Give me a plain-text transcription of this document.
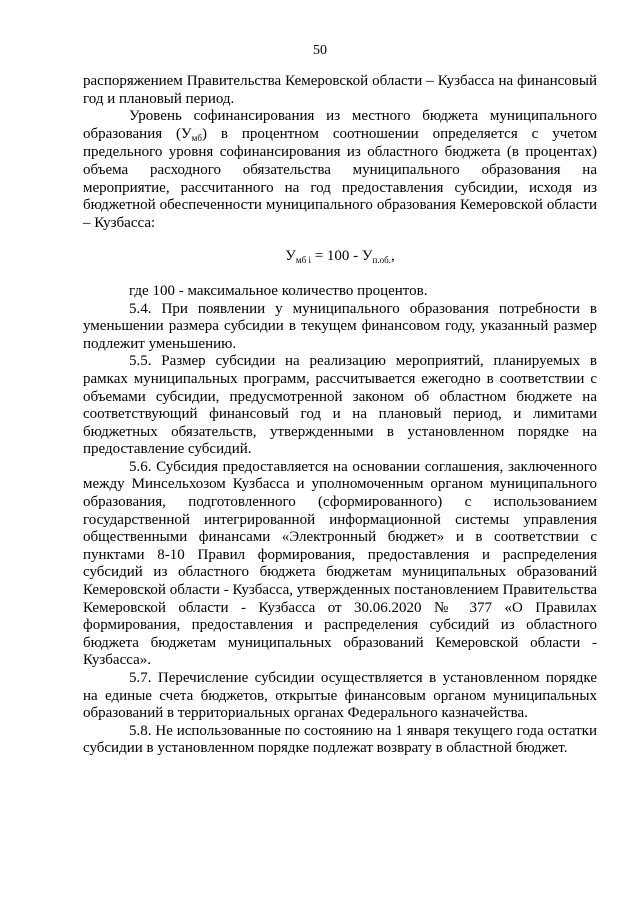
50

распоряжением Правительства Кемеровской области – Кузбасса на финансовый год и плановый период.

Уровень софинансирования из местного бюджета муниципального образования $(У_{мб})$ в процентном соотношении определяется с учетом предельного уровня софинансирования из областного бюджета (в процентах) объема расходного обязательства муниципального образования на мероприятие, рассчитанного на год предоставления субсидии, исходя из бюджетной обеспеченности муниципального образования Кемеровской области – Кузбасса:

$У_{мб i} = 100 - У_{п.об.}$,

где 100 - максимальное количество процентов.

5.4. При появлении у муниципального образования потребности в уменьшении размера субсидии в текущем финансовом году, указанный размер подлежит уменьшению.

5.5. Размер субсидии на реализацию мероприятий, планируемых в рамках муниципальных программ, рассчитывается ежегодно в соответствии с объемами субсидии, предусмотренной законом об областном бюджете на соответствующий финансовый год и на плановый период, и лимитами бюджетных обязательств, утвержденными в установленном порядке на предоставление субсидий.

5.6. Субсидия предоставляется на основании соглашения, заключенного между Минсельхозом Кузбасса и уполномоченным органом муниципального образования, подготовленного (сформированного) с использованием государственной интегрированной информационной системы управления общественными финансами «Электронный бюджет» и в соответствии с пунктами 8-10 Правил формирования, предоставления и распределения субсидий из областного бюджета бюджетам муниципальных образований Кемеровской области - Кузбасса, утвержденных постановлением Правительства Кемеровской области - Кузбасса от 30.06.2020 № 377 «О Правилах формирования, предоставления и распределения субсидий из областного бюджета бюджетам муниципальных образований Кемеровской области - Кузбасса».

5.7. Перечисление субсидии осуществляется в установленном порядке на единые счета бюджетов, открытые финансовым органом муниципальных образований в территориальных органах Федерального казначейства.

5.8. Не использованные по состоянию на 1 января текущего года остатки субсидии в установленном порядке подлежат возврату в областной бюджет.
